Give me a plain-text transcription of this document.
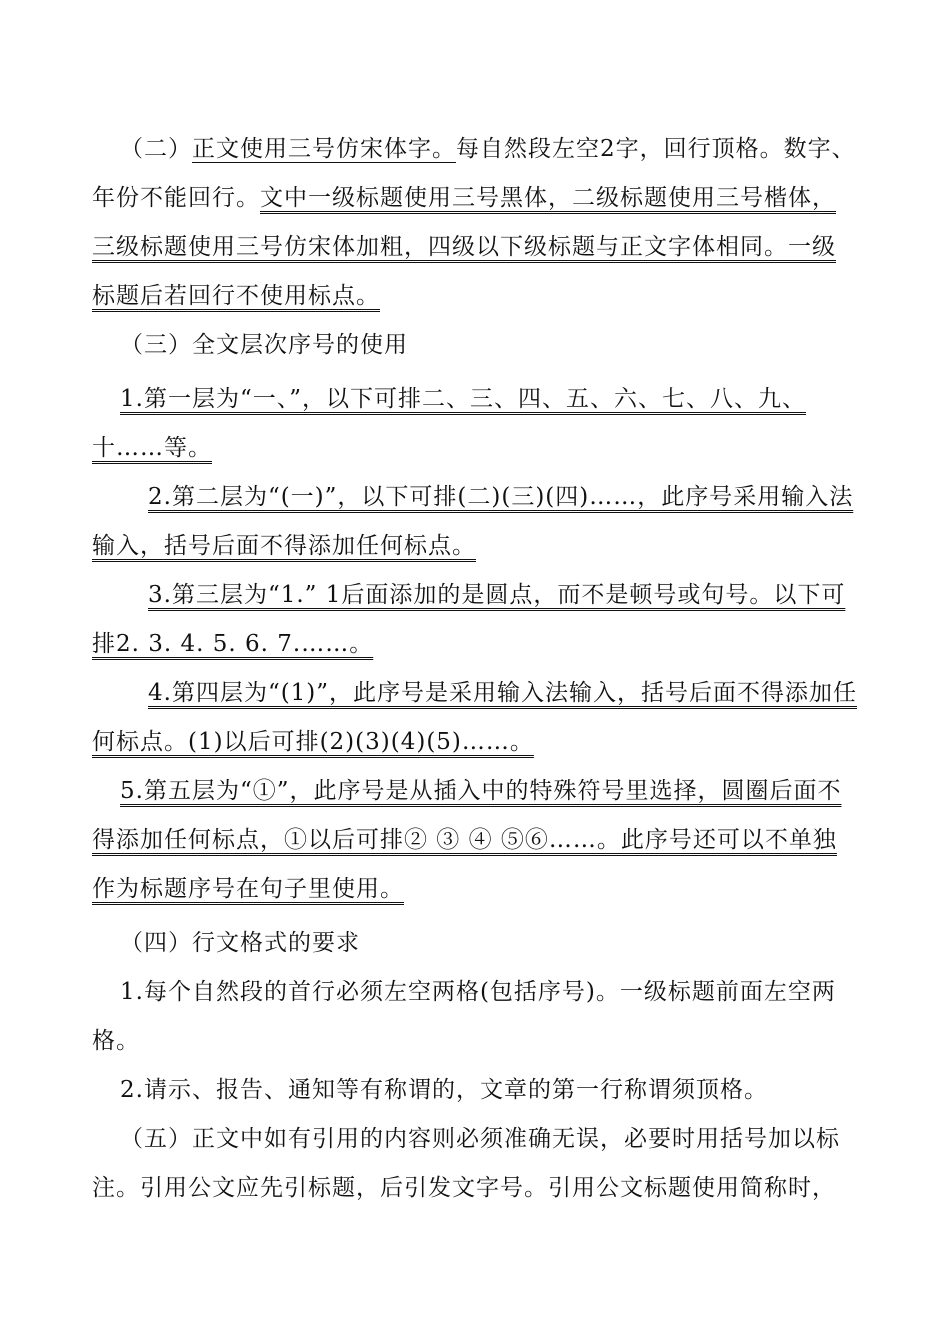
（二）正文使用三号仿宋体字。每自然段左空2字，回行顶格。数字、年份不能回行。文中一级标题使用三号黑体，二级标题使用三号楷体，三级标题使用三号仿宋体加粗，四级以下级标题与正文字体相同。一级标题后若回行不使用标点。

（三）全文层次序号的使用

1.第一层为“一、”，以下可排二、三、四、五、六、七、八、九、十……等。

2.第二层为“(一)”，以下可排(二)(三)(四)……，此序号采用输入法输入，括号后面不得添加任何标点。

3.第三层为“1.” 1后面添加的是圆点，而不是顿号或句号。以下可排2. 3. 4. 5. 6. 7.……。

4.第四层为“(1)”，此序号是采用输入法输入，括号后面不得添加任何标点。(1)以后可排(2)(3)(4)(5)……。

5.第五层为“①”，此序号是从插入中的特殊符号里选择，圆圈后面不得添加任何标点，①以后可排② ③ ④ ⑤⑥……。此序号还可以不单独作为标题序号在句子里使用。

（四）行文格式的要求

1.每个自然段的首行必须左空两格(包括序号)。一级标题前面左空两格。

2.请示、报告、通知等有称谓的，文章的第一行称谓须顶格。

（五）正文中如有引用的内容则必须准确无误，必要时用括号加以标注。引用公文应先引标题，后引发文字号。引用公文标题使用简称时，
